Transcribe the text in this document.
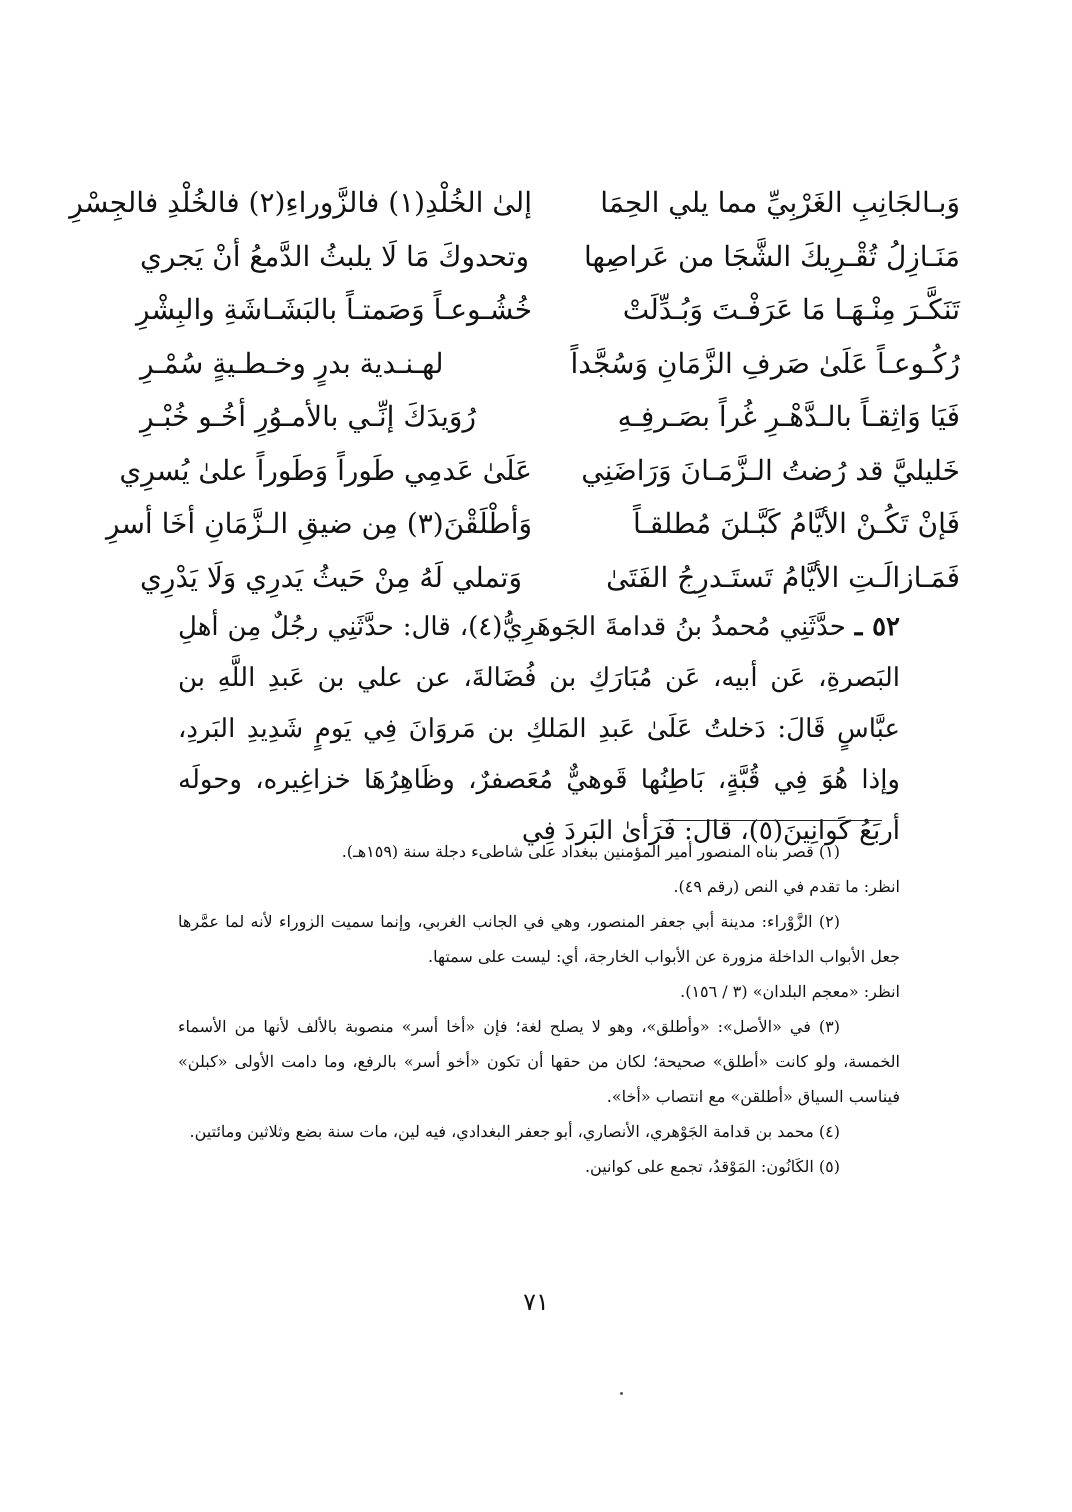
وَبـالجَانِبِ الغَرْبِيِّ مما يلي الحِمَا
إلىٰ الخُلْدِ(١) فالزَّوراءِ(٢) فالخُلْدِ فالجِسْرِ
مَنَـازِلُ تُقْـرِيكَ الشَّجَا من عَراصِها
وتحدوكَ مَا لَا يلبثُ الدَّمعُ أنْ يَجري
تَنَكَّـرَ مِنْـهَـا مَا عَرَفْـتَ وَبُـدِّلَتْ
خُشُـوعـاً وَصَمتـاً بالبَشَـاشَةِ والبِشْرِ
رُكُـوعـاً عَلَىٰ صَرفِ الزَّمَانِ وَسُجَّداً
لهـنـدية بدرٍ وخـطـيةٍ سُمْـرِ
فَيَا وَاثِقـاً بالـدَّهْـرِ غُراً بصَـرفِـهِ
رُوَيدَكَ إنِّـي بالأمـوُرِ أخُـو خُبْـرِ
خَليليَّ قد رُضتُ الـزَّمَـانَ وَرَاضَنِي
عَلَىٰ عَدمِي طَوراً وَطَوراً علىٰ يُسرِي
فَإنْ تَكُـنْ الأيَّامُ كَبَّـلنَ مُطلقـاً
وَأطْلَقْنَ(٣) مِن ضيقِ الـزَّمَانِ أخَا أسرِ
فَمَـازالَـتِ الأيَّامُ تَستَـدرِجُ الفَتَىٰ
وَتملي لَهُ مِنْ حَيثُ يَدرِي وَلَا يَدْرِي
٥٢ ـ حدَّثَنِي مُحمدُ بنُ قدامةَ الجَوهَرِيُّ(٤)، قال: حدَّثَنِي رجُلٌ مِن أهلِ البَصرةِ، عَن أبيه، عَن مُبَارَكِ بن فُضَالةَ، عن علي بن عَبدِ اللَّهِ بن عبَّاسٍ قَالَ: دَخلتُ عَلَىٰ عَبدِ المَلكِ بن مَروَانَ فِي يَومٍ شَدِيدِ البَردِ، وإذا هُوَ فِي قُبَّةٍ، بَاطِنُها قَوهيٌّ مُعَصفرٌ، وظَاهِرُهَا خزاغِيره، وحولَه أربَعُ كَوانِينَ(٥)، قال: فَرَأىٰ البَردَ فِي

(١) قصر بناه المنصور أمير المؤمنين ببغداد على شاطىء دجلة سنة (١٥٩هـ).

انظر: ما تقدم في النص (رقم ٤٩).

(٢) الزَّوْراء: مدينة أبي جعفر المنصور، وهي في الجانب الغربي، وإنما سميت الزوراء لأنه لما عمَّرها جعل الأبواب الداخلة مزورة عن الأبواب الخارجة، أي: ليست على سمتها.

انظر: «معجم البلدان» (٣ / ١٥٦).

(٣) في «الأصل»: «وأطلق»، وهو لا يصلح لغة؛ فإن «أخا أسر» منصوبة بالألف لأنها من الأسماء الخمسة، ولو كانت «أطلق» صحيحة؛ لكان من حقها أن تكون «أخو أسر» بالرفع، وما دامت الأولى «كبلن» فيناسب السياق «أطلقن» مع انتصاب «أخا».

(٤) محمد بن قدامة الجَوْهري، الأنصاري، أبو جعفر البغدادي، فيه لين، مات سنة بضع وثلاثين ومائتين.

(٥) الكَانُون: المَوْقدُ، تجمع على كوانين.

٧١
